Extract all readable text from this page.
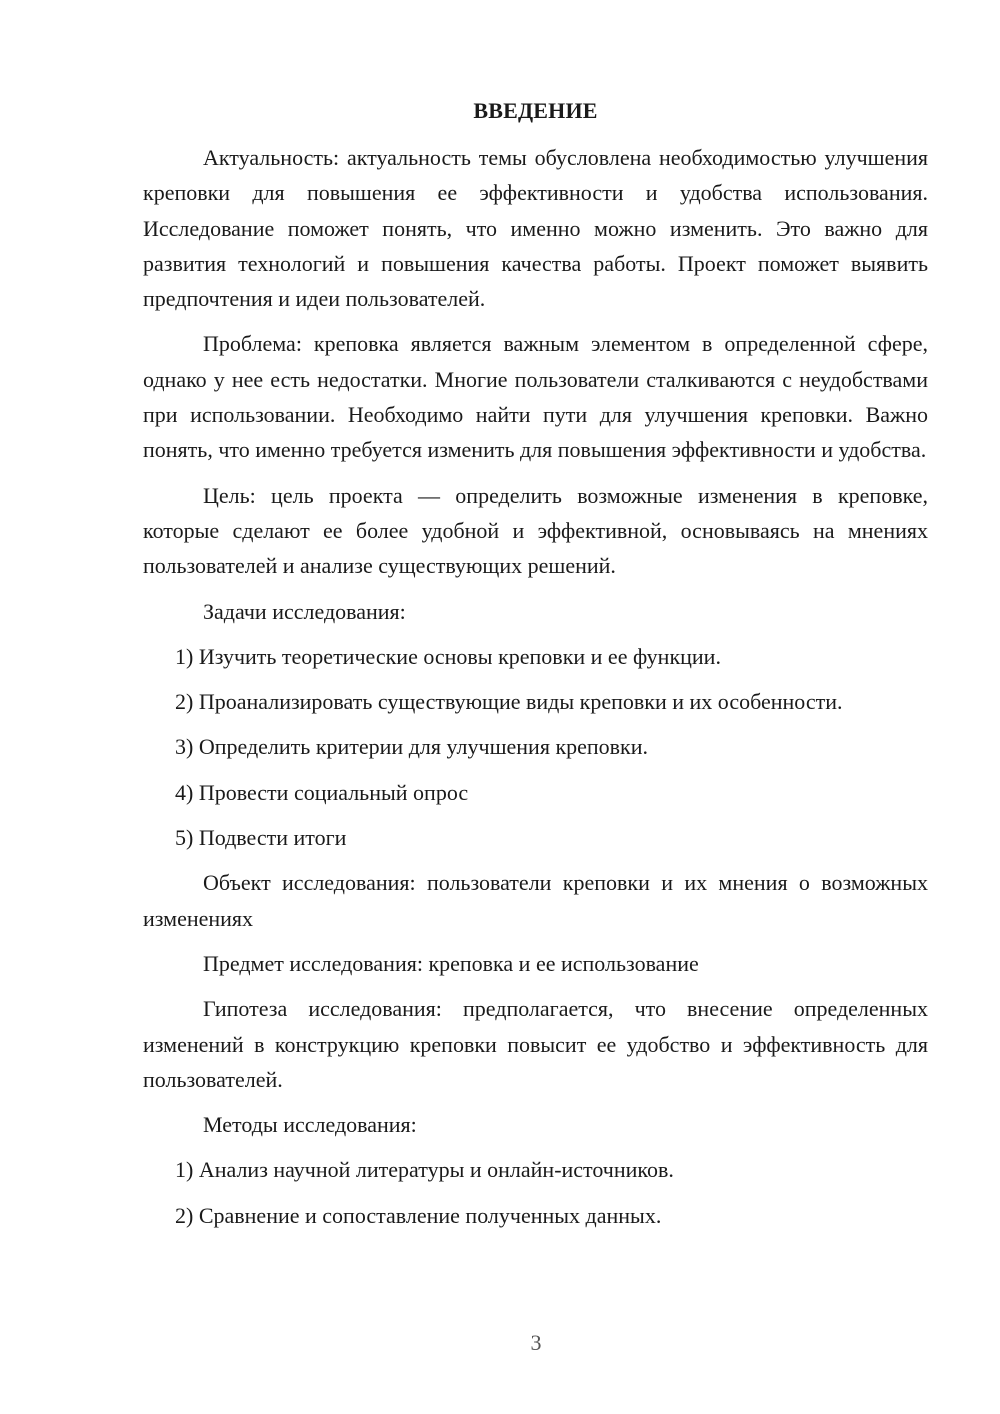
ВВЕДЕНИЕ

Актуальность: актуальность темы обусловлена необходимостью улучшения креповки для повышения ее эффективности и удобства использования. Исследование поможет понять, что именно можно изменить. Это важно для развития технологий и повышения качества работы. Проект поможет выявить предпочтения и идеи пользователей.

Проблема: креповка является важным элементом в определенной сфере, однако у нее есть недостатки. Многие пользователи сталкиваются с неудобствами при использовании. Необходимо найти пути для улучшения креповки. Важно понять, что именно требуется изменить для повышения эффективности и удобства.

Цель: цель проекта — определить возможные изменения в креповке, которые сделают ее более удобной и эффективной, основываясь на мнениях пользователей и анализе существующих решений.

Задачи исследования:

1) Изучить теоретические основы креповки и ее функции.

2) Проанализировать существующие виды креповки и их особенности.

3) Определить критерии для улучшения креповки.

4) Провести социальный опрос

5) Подвести итоги

Объект исследования: пользователи креповки и их мнения о возможных изменениях

Предмет исследования: креповка и ее использование

Гипотеза исследования: предполагается, что внесение определенных изменений в конструкцию креповки повысит ее удобство и эффективность для пользователей.

Методы исследования:

1) Анализ научной литературы и онлайн-источников.

2) Сравнение и сопоставление полученных данных.

3
